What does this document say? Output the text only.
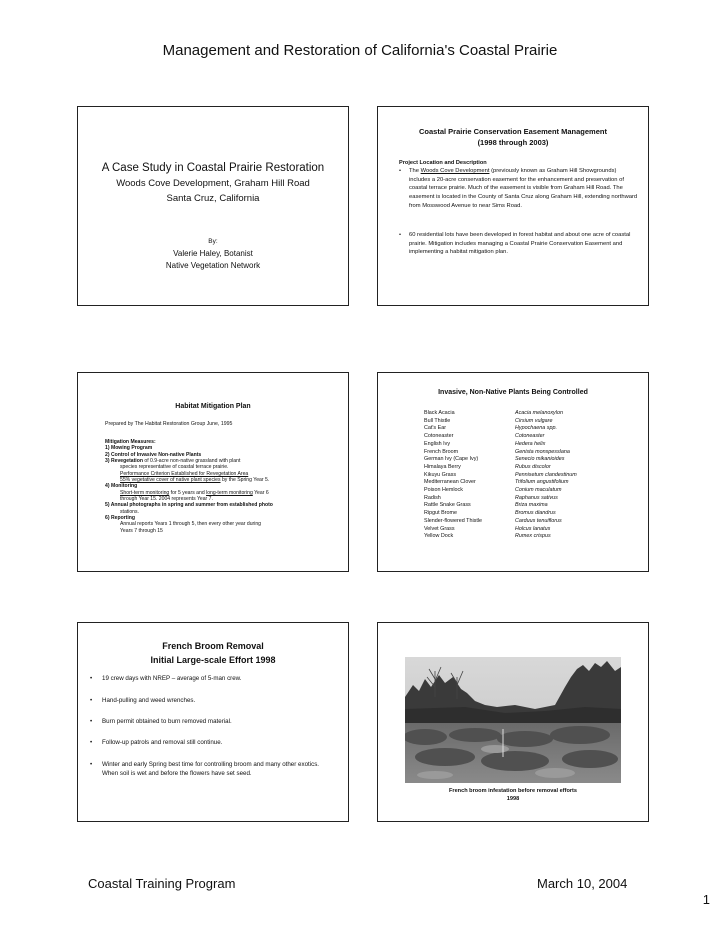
Management and Restoration of California's Coastal Prairie
A Case Study in Coastal Prairie Restoration
Woods Cove Development, Graham Hill Road
Santa Cruz, California
By:
Valerie Haley, Botanist
Native Vegetation Network
Coastal Prairie Conservation Easement Management
(1998 through 2003)
Project Location and Description
• The Woods Cove Development (previously known as Graham Hill Showgrounds) includes a 20-acre conservation easement for the enhancement and preservation of coastal terrace prairie. Much of the easement is visible from Graham Hill Road. The easement is located in the County of Santa Cruz along Graham Hill, extending northward from Mosswood Avenue to near Sims Road.
• 60 residential lots have been developed in forest habitat and about one acre of coastal prairie. Mitigation includes managing a Coastal Prairie Conservation Easement and implementing a habitat mitigation plan.
Habitat Mitigation Plan
Prepared by The Habitat Restoration Group June, 1995
Mitigation Measures:
1) Mowing Program
2) Control of Invasive Non-native Plants
3) Revegetation of 0.9-acre non-native grassland with plant
species representative of coastal terrace prairie.
Performance Criterion Established for Revegetation Area
55% vegetative cover of native plant species by the Spring Year 5.
4) Monitoring
Short-term monitoring for 5 years and long-term monitoring Year 6
through Year 15. 2004 represents Year 7.
5) Annual photographs in spring and summer from established photo
stations.
6) Reporting
Annual reports Years 1 through 5, then every other year during
Years 7 through 15
Invasive, Non-Native Plants Being Controlled
Black Acacia	Acacia melanoxylon
Bull Thistle	Cirsium vulgare
Cat's Ear	Hypochaena spp.
Cotoneaster	Cotoneaster
English Ivy	Hedera helix
French Broom	Genista monspesslana
German Ivy (Cape Ivy)	Senecio mikanioides
Himalaya Berry	Rubus discolor
Kikuyu Grass	Pennisetum clandestinum
Mediterranean Clover	Trifolium angustifolium
Poison Hemlock	Conium maculatum
Radish	Raphanus sativus
Rattle Snake Grass	Briza maxima
Ripgut Brome	Bromus diandrus
Slender-flowered Thistle	Carduus tenuiflorus
Velvet Grass	Holcus lanatus
Yellow Dock	Rumex crispus
French Broom Removal
Initial Large-scale Effort 1998
• 19 crew days with NREP – average of 5-man crew.
• Hand-pulling and weed wrenches.
• Burn permit obtained to burn removed material.
• Follow-up patrols and removal still continue.
• Winter and early Spring best time for controlling broom and many other exotics. When soil is wet and before the flowers have set seed.
French broom infestation before removal efforts
1998
Coastal Training Program	March 10, 2004
1
